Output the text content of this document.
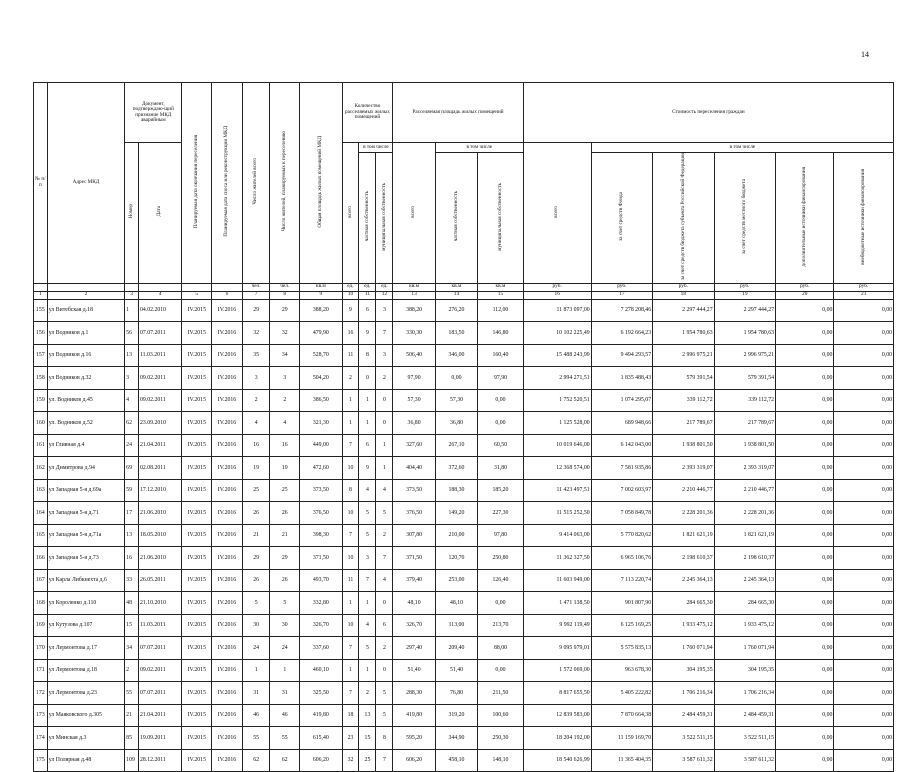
14
№ п/п	Адрес МКД	Документ, подтверждаю-щий признание МКД аварийным		Планируемая дата окончания переселения	Планируемая дата сноса или реконструкции МКД	Число жителей всего	Число жителей, планируемых к переселению	Общая площадь жилых помещений МКД	Количество расселяемых жилых помещений			Расселяемая площадь жилых помещений			Стоимость переселения граждан					
		Номер	Дата						всего	в том числе		всего	в том числе		всего	в том числе				
										частная собственность	муниципальная собственность		частная собственность	муниципальная собственность		за счет средств Фонда	за счет средств бюджета субъекта Российской Федерации	за счет средств местного бюджета	дополнительные источники финансирования	внебюджетные источники финансирования
						чел.	чел.	кв.м	ед.	ед.	ед.	кв.м	кв.м	кв.м	руб.	руб.	руб.	руб.	руб.	руб.
1	2	3	4	5	6	7	8	9	10	11	12	13	14	15	16	17	18	19	20	21
155	ул Витебская д.18	1	04.02.2010	IV.2015	IV.2016	29	29	388,20	9	6	3	388,20	276,20	112,00	11 873 097,00	7 278 208,46	2 297 444,27	2 297 444,27	0,00	0,00
156	ул Водников д.1	56	07.07.2011	IV.2015	IV.2016	32	32	479,90	16	9	7	330,30	183,50	146,80	10 102 225,49	6 192 664,23	1 954 780,63	1 954 780,63	0,00	0,00
157	ул Водников д.16	13	11.03.2011	IV.2015	IV.2016	35	34	528,70	11	8	3	506,40	346,00	160,40	15 488 243,99	9 494 293,57	2 996 975,21	2 996 975,21	0,00	0,00
158	ул Водников д.32	3	09.02.2011	IV.2015	IV.2016	3	3	504,20	2	0	2	97,90	0,00	97,90	2 994 271,51	1 835 488,43	579 391,54	579 391,54	0,00	0,00
159	ул. Водников д.45	4	09.02.2011	IV.2015	IV.2016	2	2	386,50	1	1	0	57,30	57,30	0,00	1 752 520,51	1 074 295,07	339 112,72	339 112,72	0,00	0,00
160	ул. Водников д.52	62	23.09.2010	IV.2015	IV.2016	4	4	321,30	1	1	0	36,80	36,80	0,00	1 125 528,00	689 948,66	217 789,67	217 789,67	0,00	0,00
161	ул Гливная д.4	24	21.04.2011	IV.2015	IV.2016	16	16	449,00	7	6	1	327,60	267,10	60,50	10 019 646,00	6 142 043,00	1 938 801,50	1 938 801,50	0,00	0,00
162	ул Димитрова д.94	69	02.08.2011	IV.2015	IV.2016	19	19	472,60	10	9	1	404,40	372,60	31,80	12 368 574,00	7 581 935,86	2 393 319,07	2 393 319,07	0,00	0,00
163	ул Западная 5-я д.69а	59	17.12.2010	IV.2015	IV.2016	25	25	373,50	8	4	4	373,50	188,30	185,20	11 423 497,51	7 002 603,97	2 210 446,77	2 210 446,77	0,00	0,00
164	ул Западная 5-я д.71	17	21.06.2010	IV.2015	IV.2016	26	26	376,50	10	5	5	376,50	149,20	227,30	11 515 252,50	7 058 849,78	2 228 201,36	2 228 201,36	0,00	0,00
165	ул Западная 5-я д.71а	13	18.05.2010	IV.2015	IV.2016	21	21	398,30	7	5	2	307,80	210,00	97,80	9 414 063,00	5 770 820,62	1 821 621,19	1 821 621,19	0,00	0,00
166	ул Западная 5-я д.73	16	21.06.2010	IV.2015	IV.2016	29	29	371,50	10	3	7	371,50	120,70	250,80	11 362 327,50	6 965 106,76	2 198 610,37	2 198 610,37	0,00	0,00
167	ул Карла Либкнехта д.6	33	26.05.2011	IV.2015	IV.2016	26	26	493,70	11	7	4	379,40	253,00	126,40	11 603 949,00	7 113 220,74	2 245 364,13	2 245 364,13	0,00	0,00
168	ул Короленко д.110	48	21.10.2010	IV.2015	IV.2016	5	5	332,80	1	1	0	48,10	48,10	0,00	1 471 138,50	901 807,90	284 665,30	284 665,30	0,00	0,00
169	ул Кутузова д.107	15	11.03.2011	IV.2015	IV.2016	30	30	326,70	10	4	6	326,70	113,00	213,70	9 992 119,49	6 125 169,25	1 933 475,12	1 933 475,12	0,00	0,00
170	ул Лермонтова д.17	34	07.07.2011	IV.2015	IV.2016	24	24	337,60	7	5	2	297,40	209,40	88,00	9 095 979,01	5 575 835,13	1 760 071,94	1 760 071,94	0,00	0,00
171	ул Лермонтова д.18	2	09.02.2011	IV.2015	IV.2016	1	1	460,10	1	1	0	51,40	51,40	0,00	1 572 069,00	963 678,30	304 195,35	304 195,35	0,00	0,00
172	ул Лермонтова д.23	55	07.07.2011	IV.2015	IV.2016	31	31	325,50	7	2	5	288,30	76,80	211,50	8 817 655,50	5 405 222,82	1 706 216,34	1 706 216,34	0,00	0,00
173	ул Маяковского д.305	21	21.04.2011	IV.2015	IV.2016	46	46	419,80	18	13	5	419,80	319,20	100,60	12 839 583,00	7 870 664,38	2 484 459,31	2 484 459,31	0,00	0,00
174	ул Минская д.3	85	19.09.2011	IV.2015	IV.2016	55	55	615,40	23	15	8	595,20	344,90	250,30	18 204 192,00	11 159 169,70	3 522 511,15	3 522 511,15	0,00	0,00
175	ул Полярная д.48	109	28.12.2011	IV.2015	IV.2016	62	62	606,20	32	25	7	606,20	458,10	148,10	18 540 626,99	11 365 404,35	3 587 611,32	3 587 611,32	0,00	0,00
